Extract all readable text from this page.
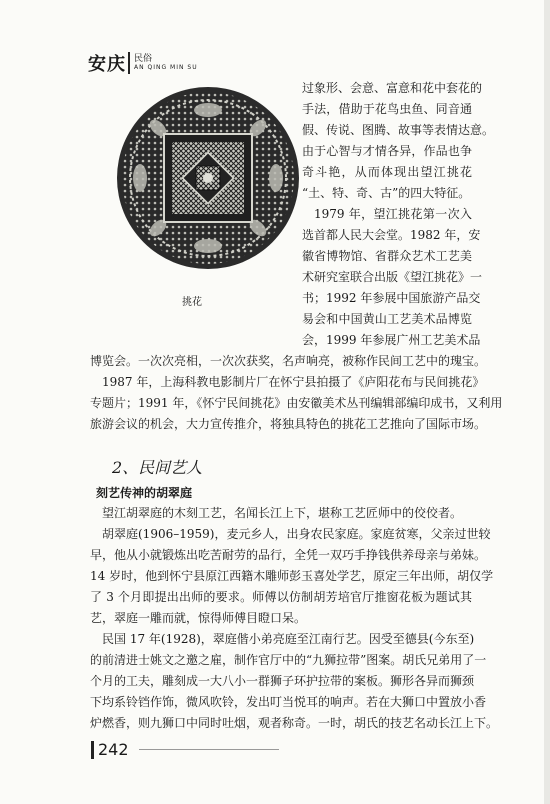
安庆 民俗
AN QING MIN SU
挑花
过象形、会意、富意和花中套花的
手法，借助于花鸟虫鱼、同音通
假、传说、图腾、故事等表情达意。
由于心智与才情各异，作品也争
奇斗艳，从而体现出望江挑花
“土、特、奇、古”的四大特征。
1979 年，望江挑花第一次入
选首都人民大会堂。1982 年，安
徽省博物馆、省群众艺术工艺美
术研究室联合出版《望江挑花》一
书；1992 年参展中国旅游产品交
易会和中国黄山工艺美术品博览
会，1999 年参展广州工艺美术品
博览会。一次次亮相，一次次获奖，名声响亮，被称作民间工艺中的瑰宝。
1987 年，上海科教电影制片厂在怀宁县拍摄了《庐阳花布与民间挑花》
专题片；1991 年，《怀宁民间挑花》由安徽美术丛刊编辑部编印成书，又利用
旅游会议的机会，大力宣传推介，将独具特色的挑花工艺推向了国际市场。
2、民间艺人
刻艺传神的胡翠庭
望江胡翠庭的木刻工艺，名闻长江上下，堪称工艺匠师中的佼佼者。
胡翠庭(1906–1959)，麦元乡人，出身农民家庭。家庭贫寒，父亲过世较
早，他从小就锻炼出吃苦耐劳的品行，全凭一双巧手挣钱供养母亲与弟妹。
14 岁时，他到怀宁县原江西籍木雕师彭玉喜处学艺，原定三年出师，胡仅学
了 3 个月即提出出师的要求。师傅以仿制胡芳培官厅推窗花板为题试其
艺，翠庭一雕而就，惊得师傅目瞪口呆。
民国 17 年(1928)，翠庭偕小弟亮庭至江南行艺。因受至德县(今东至)
的前清进士姚文之邀之雇，制作官厅中的“九狮拉带”图案。胡氏兄弟用了一
个月的工夫，雕刻成一大八小一群狮子环护拉带的案板。狮形各异而狮颈
下均系铃铛作饰，微风吹铃，发出叮当悦耳的响声。若在大狮口中置放小香
炉燃香，则九狮口中同时吐烟，观者称奇。一时，胡氏的技艺名动长江上下。
242
